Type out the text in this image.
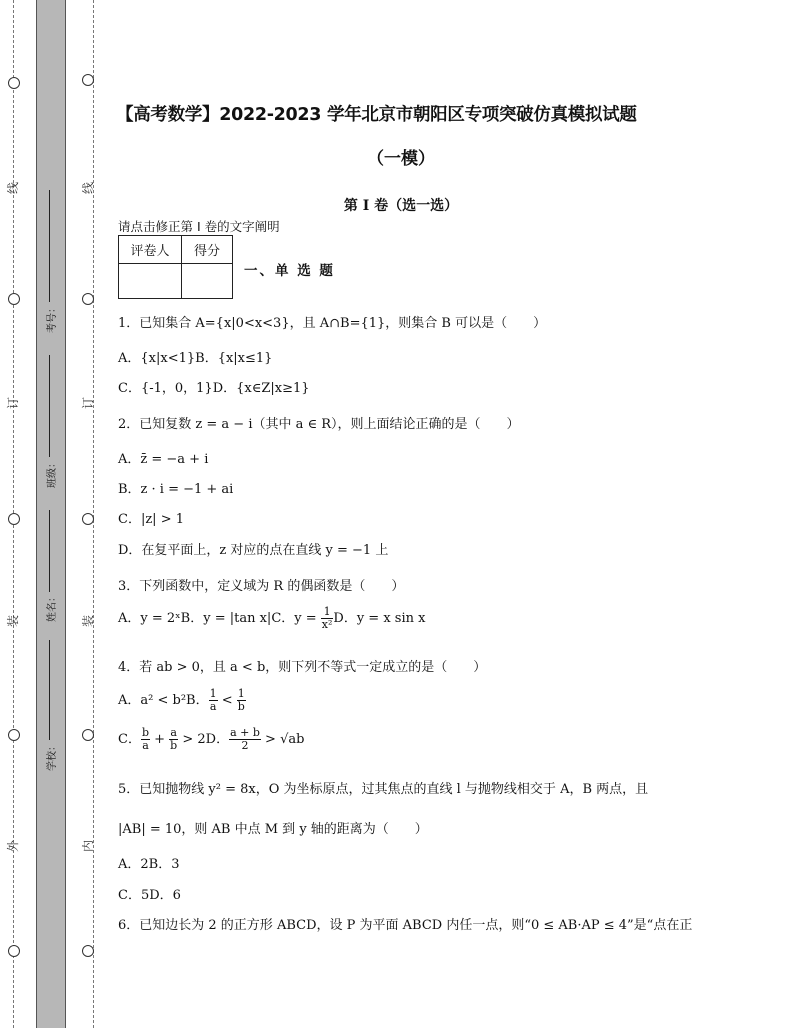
线
订
装
外
线
订
装
内
考号：
班级：
姓名：
学校：
【高考数学】2022-2023 学年北京市朝阳区专项突破仿真模拟试题
（一模）
第 I 卷（选一选）
请点击修正第 I 卷的文字阐明
评卷人	得分

一、单 选 题
1．已知集合 A={x|0<x<3}，且 A∩B={1}，则集合 B 可以是（　　）
A．{x|x<1}B．{x|x≤1}
C．{-1，0，1}D．{x∈Z|x≥1}
2．已知复数 z = a − i（其中 a ∈ R），则上面结论正确的是（　　）
A．z̄ = −a + i
B．z · i = −1 + ai
C．|z| > 1
D．在复平面上，z 对应的点在直线 y = −1 上
3．下列函数中，定义域为 R 的偶函数是（　　）
A．y = 2ˣB．y = |tan x|C．$y = \frac{1}{\text{x²}}$ D．y = x sin x
4．若 ab > 0，且 a < b，则下列不等式一定成立的是（　　）
A．a² < b²B． $\frac{1}{a} < \frac{1}{b}$
C． $\frac{b}{a} + \frac{a}{b} > 2D$． $\frac{a + b}{2} > √ab$
5．已知抛物线 y² = 8x，O 为坐标原点，过其焦点的直线 l 与抛物线相交于 A，B 两点，且
|AB| = 10，则 AB 中点 M 到 y 轴的距离为（　　）
A．2B．3
C．5D．6
6．已知边长为 2 的正方形 ABCD，设 P 为平面 ABCD 内任一点，则“0 ≤ AB·AP ≤ 4”是“点在正
